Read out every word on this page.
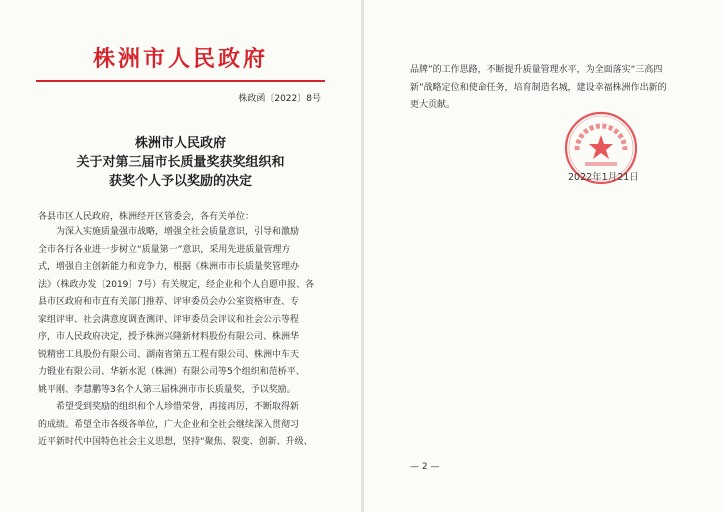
株洲市人民政府
株政函〔2022〕8号
株洲市人民政府
关于对第三届市长质量奖获奖组织和
获奖个人予以奖励的决定
各县市区人民政府，株洲经开区管委会，各有关单位：
为深入实施质量强市战略，增强全社会质量意识，引导和激励
全市各行各业进一步树立“质量第一”意识，采用先进质量管理方
式，增强自主创新能力和竞争力，根据《株洲市市长质量奖管理办
法》（株政办发〔2019〕7号）有关规定，经企业和个人自愿申报、各
县市区政府和市直有关部门推荐、评审委员会办公室资格审查、专
家组评审、社会满意度调查测评、评审委员会评议和社会公示等程
序，市人民政府决定，授予株洲兴隆新材料股份有限公司、株洲华
锐精密工具股份有限公司、湖南省第五工程有限公司、株洲中车天
力锻业有限公司、华新水泥（株洲）有限公司等5个组织和范桥平、
姚平刚、李慧鹏等3名个人第三届株洲市市长质量奖，予以奖励。
希望受到奖励的组织和个人珍惜荣誉，再接再厉，不断取得新
的成绩。希望全市各级各单位，广大企业和全社会继续深入贯彻习
近平新时代中国特色社会主义思想，坚持“聚焦、裂变、创新、升级、
品牌”的工作思路，不断提升质量管理水平，为全面落实“三高四
新”战略定位和使命任务，培育制造名城，建设幸福株洲作出新的
更大贡献。
2022年1月21日
— 2 —
